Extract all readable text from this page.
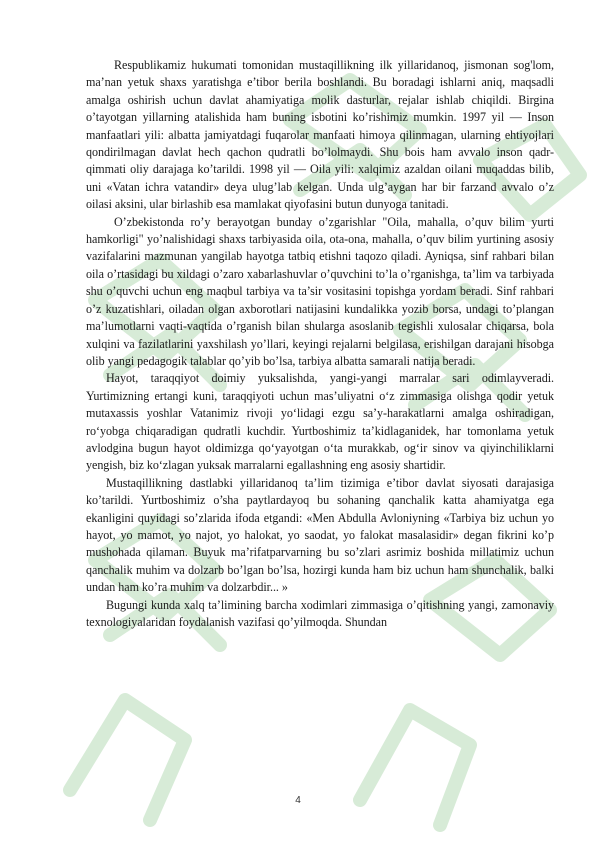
Respublikamiz hukumati tomonidan mustaqillikning ilk yillaridanoq, jismonan sog'lom, ma’nan yetuk shaxs yaratishga e’tibor berila boshlandi. Bu boradagi ishlarni aniq, maqsadli amalga oshirish uchun davlat ahamiyatiga molik dasturlar, rejalar ishlab chiqildi. Birgina o’tayotgan yillarning atalishida ham buning isbotini ko’rishimiz mumkin. 1997 yil — Inson manfaatlari yili: albatta jamiyatdagi fuqarolar manfaati himoya qilinmagan, ularning ehtiyojlari qondirilmagan davlat hech qachon qudratli bo’lolmaydi. Shu bois ham avvalo inson qadr-qimmati oliy darajaga ko’tarildi. 1998 yil — Oila yili: xalqimiz azaldan oilani muqaddas bilib, uni «Vatan ichra vatandir» deya ulug’lab kelgan. Unda ulg’aygan har bir farzand avvalo o’z oilasi aksini, ular birlashib esa mamlakat qiyofasini butun dunyoga tanitadi.

O’zbekistonda ro’y berayotgan bunday o’zgarishlar "Oila, mahalla, o’quv bilim yurti hamkorligi" yo’nalishidagi shaxs tarbiyasida oila, ota-ona, mahalla, o’quv bilim yurtining asosiy vazifalarini mazmunan yangilab hayotga tatbiq etishni taqozo qiladi. Ayniqsa, sinf rahbari bilan oila o’rtasidagi bu xildagi o’zaro xabarlashuvlar o’quvchini to’la o’rganishga, ta’lim va tarbiyada shu o’quvchi uchun eng maqbul tarbiya va ta’sir vositasini topishga yordam beradi. Sinf rahbari o’z kuzatishlari, oiladan olgan axborotlari natijasini kundalikka yozib borsa, undagi to’plangan ma’lumotlarni vaqti-vaqtida o’rganish bilan shularga asoslanib tegishli xulosalar chiqarsa, bola xulqini va fazilatlarini yaxshilash yo’llari, keyingi rejalarni belgilasa, erishilgan darajani hisobga olib yangi pedagogik talablar qo’yib bo’lsa, tarbiya albatta samarali natija beradi.

Hayot, taraqqiyot doimiy yuksalishda, yangi-yangi marralar sari odimlayveradi. Yurtimizning ertangi kuni, taraqqiyoti uchun mas’uliyatni o‘z zimmasiga olishga qodir yetuk mutaxassis yoshlar Vatanimiz rivoji yo‘lidagi ezgu sa’y-harakatlarni amalga oshiradigan, ro‘yobga chiqaradigan qudratli kuchdir. Yurtboshimiz ta’kidlaganidek, har tomonlama yetuk avlodgina bugun hayot oldimizga qo‘yayotgan o‘ta murakkab, og‘ir sinov va qiyinchiliklarni yengish, biz ko‘zlagan yuksak marralarni egallashning eng asosiy shartidir.

Mustaqillikning dastlabki yillaridanoq ta’lim tizimiga e’tibor davlat siyosati darajasiga ko’tarildi. Yurtboshimiz o’sha paytlardayoq bu sohaning qanchalik katta ahamiyatga ega ekanligini quyidagi so’zlarida ifoda etgandi: «Men Abdulla Avloniyning «Tarbiya biz uchun yo hayot, yo mamot, yo najot, yo halokat, yo saodat, yo falokat masalasidir» degan fikrini ko’p mushohada qilaman. Buyuk ma’rifatparvarning bu so’zlari asrimiz boshida millatimiz uchun qanchalik muhim va dolzarb bo’lgan bo’lsa, hozirgi kunda ham biz uchun ham shunchalik, balki undan ham ko’ra muhim va dolzarbdir... »

Bugungi kunda xalq ta’limining barcha xodimlari zimmasiga o’qitishning yangi, zamonaviy texnologiyalaridan foydalanish vazifasi qo’yilmoqda. Shundan

4
